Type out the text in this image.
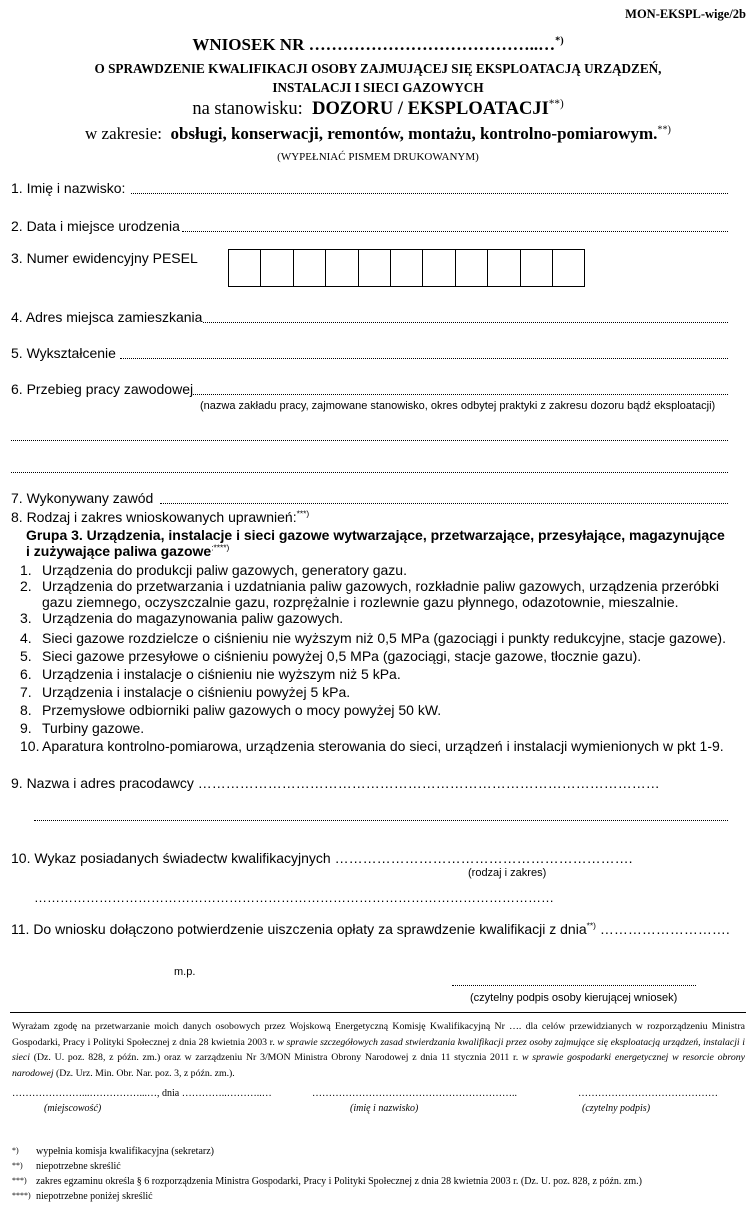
MON-EKSPL-wige/2b
WNIOSEK NR …………………………………..…*)
O SPRAWDZENIE KWALIFIKACJI OSOBY ZAJMUJĄCEJ SIĘ EKSPLOATACJĄ URZĄDZEŃ,
INSTALACJI I SIECI GAZOWYCH
na stanowisku: DOZORU / EKSPLOATACJI**)
w zakresie: obsługi, konserwacji, remontów, montażu, kontrolno-pomiarowym.**)
(WYPEŁNIAĆ PISMEM DRUKOWANYM)
1. Imię i nazwisko:
2. Data i miejsce urodzenia
3. Numer ewidencyjny PESEL
4. Adres miejsca zamieszkania
5. Wykształcenie
6. Przebieg pracy zawodowej
(nazwa zakładu pracy, zajmowane stanowisko, okres odbytej praktyki z zakresu dozoru bądź eksploatacji)
7. Wykonywany zawód
8. Rodzaj i zakres wnioskowanych uprawnień:***)
Grupa 3. Urządzenia, instalacje i sieci gazowe wytwarzające, przetwarzające, przesyłające, magazynujące
i zużywające paliwa gazowe:****)
1. Urządzenia do produkcji paliw gazowych, generatory gazu.
2. Urządzenia do przetwarzania i uzdatniania paliw gazowych, rozkładnie paliw gazowych, urządzenia przeróbki
gazu ziemnego, oczyszczalnie gazu, rozprężalnie i rozlewnie gazu płynnego, odazotownie, mieszalnie.
3. Urządzenia do magazynowania paliw gazowych.
4. Sieci gazowe rozdzielcze o ciśnieniu nie wyższym niż 0,5 MPa (gazociągi i punkty redukcyjne, stacje gazowe).
5. Sieci gazowe przesyłowe o ciśnieniu powyżej 0,5 MPa (gazociągi, stacje gazowe, tłocznie gazu).
6. Urządzenia i instalacje o ciśnieniu nie wyższym niż 5 kPa.
7. Urządzenia i instalacje o ciśnieniu powyżej 5 kPa.
8. Przemysłowe odbiorniki paliw gazowych o mocy powyżej 50 kW.
9. Turbiny gazowe.
10. Aparatura kontrolno-pomiarowa, urządzenia sterowania do sieci, urządzeń i instalacji wymienionych w pkt 1-9.
9. Nazwa i adres pracodawcy ………………………………………………………………………………………
10. Wykaz posiadanych świadectw kwalifikacyjnych ……………………………………………………….
(rodzaj i zakres)
…………………………………………………………………………………………………………
11. Do wniosku dołączono potwierdzenie uiszczenia opłaty za sprawdzenie kwalifikacji z dnia**) ……………………….
m.p.
(czytelny podpis osoby kierującej wniosek)
Wyrażam zgodę na przetwarzanie moich danych osobowych przez Wojskową Energetyczną Komisję Kwalifikacyjną Nr …. dla celów przewidzianych w rozporządzeniu Ministra Gospodarki, Pracy i Polityki Społecznej z dnia 28 kwietnia 2003 r. w sprawie szczegółowych zasad stwierdzania kwalifikacji przez osoby zajmujące się eksploatacją urządzeń, instalacji i sieci (Dz. U. poz. 828, z późn. zm.) oraz w zarządzeniu Nr 3/MON Ministra Obrony Narodowej z dnia 11 stycznia 2011 r. w sprawie gospodarki energetycznej w resorcie obrony narodowej (Dz. Urz. Min. Obr. Nar. poz. 3, z późn. zm.).
…………………...……………...…, dnia …………..………..…	……………………………………………………..	……………………………………
(miejscowość)	(imię i nazwisko)	(czytelny podpis)
*) wypełnia komisja kwalifikacyjna (sekretarz)
**) niepotrzebne skreślić
***) zakres egzaminu określa § 6 rozporządzenia Ministra Gospodarki, Pracy i Polityki Społecznej z dnia 28 kwietnia 2003 r. (Dz. U. poz. 828, z późn. zm.)
****) niepotrzebne poniżej skreślić
